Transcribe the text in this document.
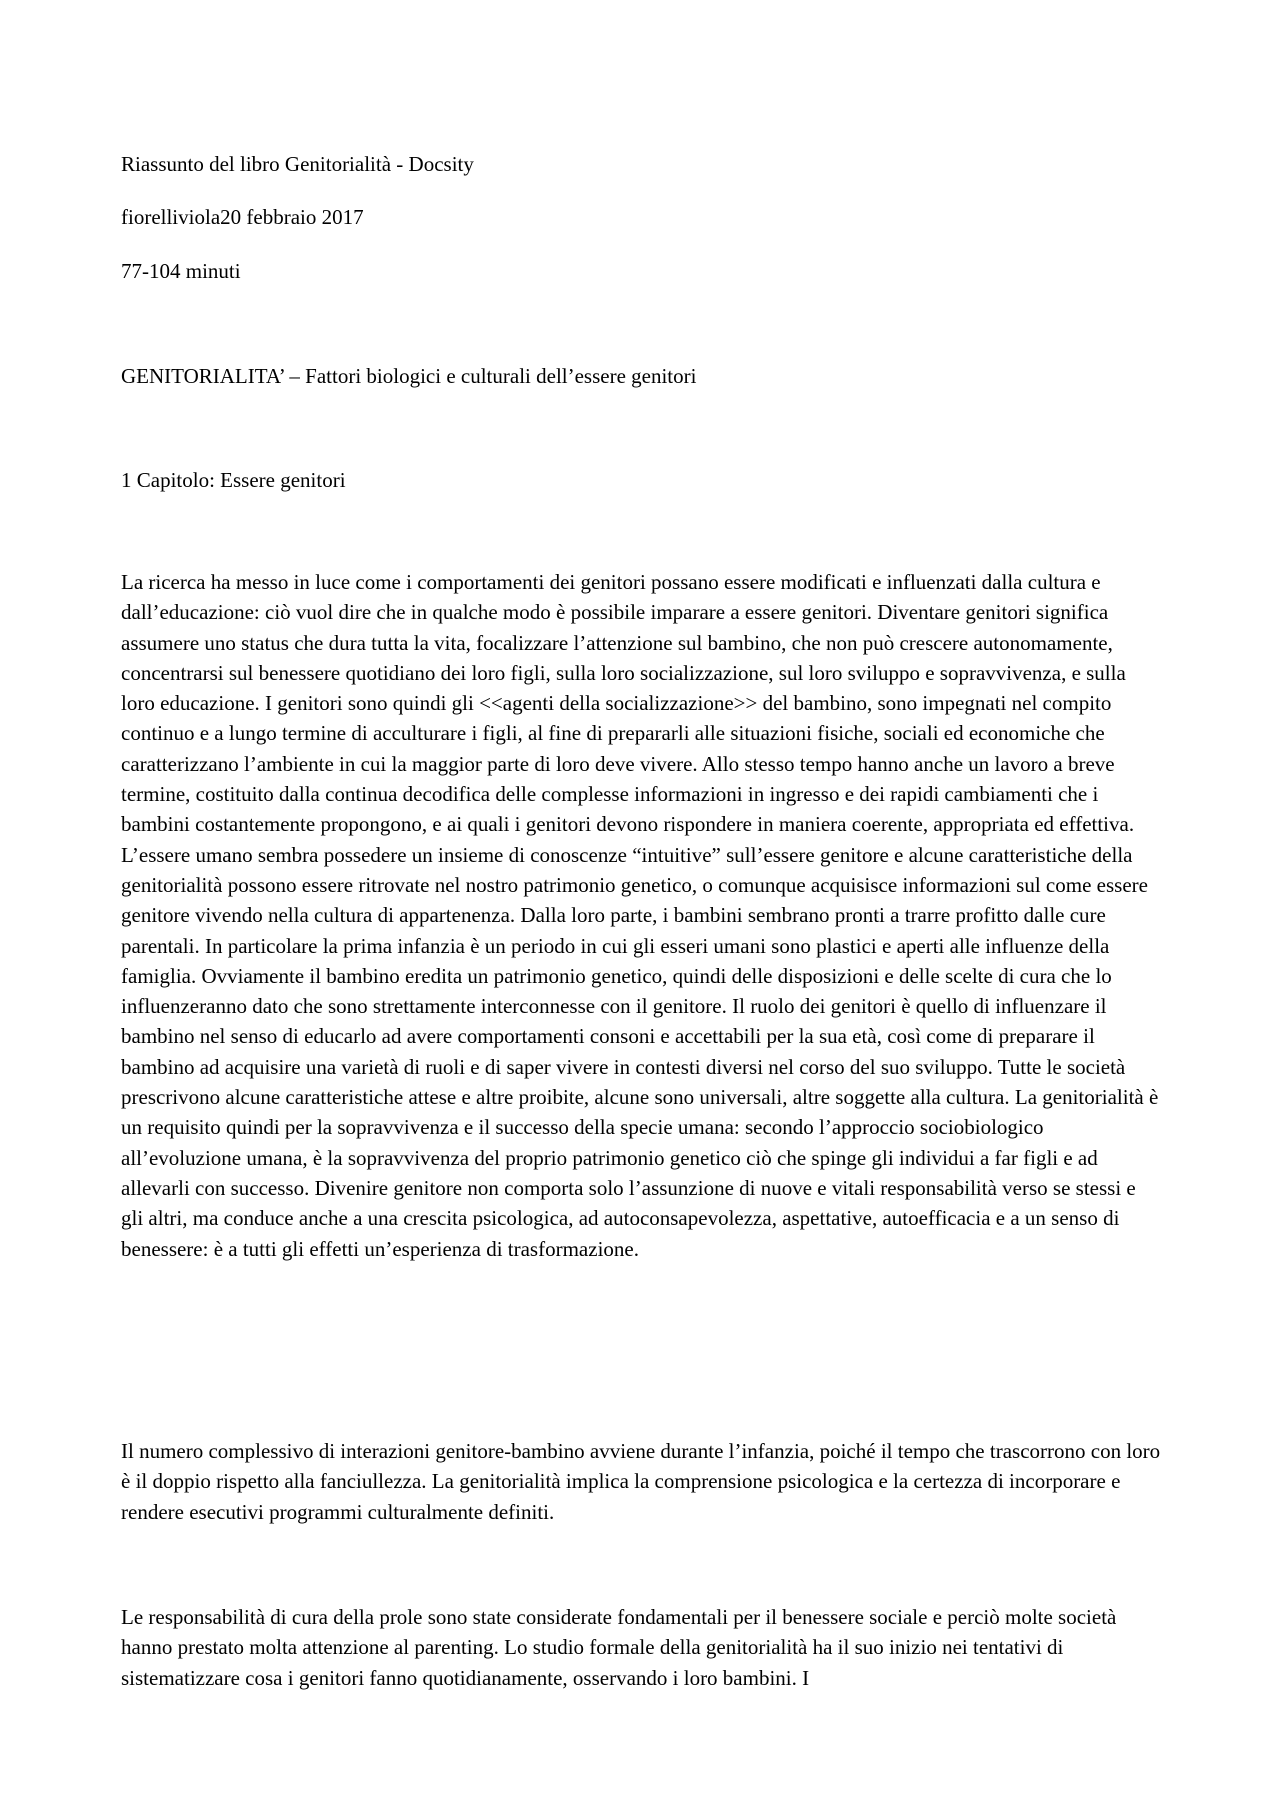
Riassunto del libro Genitorialità - Docsity

fiorelliviola20 febbraio 2017

77-104 minuti

GENITORIALITA’ – Fattori biologici e culturali dell’essere genitori

1 Capitolo: Essere genitori

La ricerca ha messo in luce come i comportamenti dei genitori possano essere modificati e influenzati dalla cultura e dall’educazione: ciò vuol dire che in qualche modo è possibile imparare a essere genitori. Diventare genitori significa assumere uno status che dura tutta la vita, focalizzare l’attenzione sul bambino, che non può crescere autonomamente, concentrarsi sul benessere quotidiano dei loro figli, sulla loro socializzazione, sul loro sviluppo e sopravvivenza, e sulla loro educazione. I genitori sono quindi gli <<agenti della socializzazione>> del bambino, sono impegnati nel compito continuo e a lungo termine di acculturare i figli, al fine di prepararli alle situazioni fisiche, sociali ed economiche che caratterizzano l’ambiente in cui la maggior parte di loro deve vivere. Allo stesso tempo hanno anche un lavoro a breve termine, costituito dalla continua decodifica delle complesse informazioni in ingresso e dei rapidi cambiamenti che i bambini costantemente propongono, e ai quali i genitori devono rispondere in maniera coerente, appropriata ed effettiva. L’essere umano sembra possedere un insieme di conoscenze “intuitive” sull’essere genitore e alcune caratteristiche della genitorialità possono essere ritrovate nel nostro patrimonio genetico, o comunque acquisisce informazioni sul come essere genitore vivendo nella cultura di appartenenza. Dalla loro parte, i bambini sembrano pronti a trarre profitto dalle cure parentali. In particolare la prima infanzia è un periodo in cui gli esseri umani sono plastici e aperti alle influenze della famiglia. Ovviamente il bambino eredita un patrimonio genetico, quindi delle disposizioni e delle scelte di cura che lo influenzeranno dato che sono strettamente interconnesse con il genitore. Il ruolo dei genitori è quello di influenzare il bambino nel senso di educarlo ad avere comportamenti consoni e accettabili per la sua età, così come di preparare il bambino ad acquisire una varietà di ruoli e di saper vivere in contesti diversi nel corso del suo sviluppo. Tutte le società prescrivono alcune caratteristiche attese e altre proibite, alcune sono universali, altre soggette alla cultura. La genitorialità è un requisito quindi per la sopravvivenza e il successo della specie umana: secondo l’approccio sociobiologico all’evoluzione umana, è la sopravvivenza del proprio patrimonio genetico ciò che spinge gli individui a far figli e ad allevarli con successo. Divenire genitore non comporta solo l’assunzione di nuove e vitali responsabilità verso se stessi e gli altri, ma conduce anche a una crescita psicologica, ad autoconsapevolezza, aspettative, autoefficacia e a un senso di benessere: è a tutti gli effetti un’esperienza di trasformazione.

Il numero complessivo di interazioni genitore-bambino avviene durante l’infanzia, poiché il tempo che trascorrono con loro è il doppio rispetto alla fanciullezza. La genitorialità implica la comprensione psicologica e la certezza di incorporare e rendere esecutivi programmi culturalmente definiti.

Le responsabilità di cura della prole sono state considerate fondamentali per il benessere sociale e perciò molte società hanno prestato molta attenzione al parenting. Lo studio formale della genitorialità ha il suo inizio nei tentativi di sistematizzare cosa i genitori fanno quotidianamente, osservando i loro bambini. I
